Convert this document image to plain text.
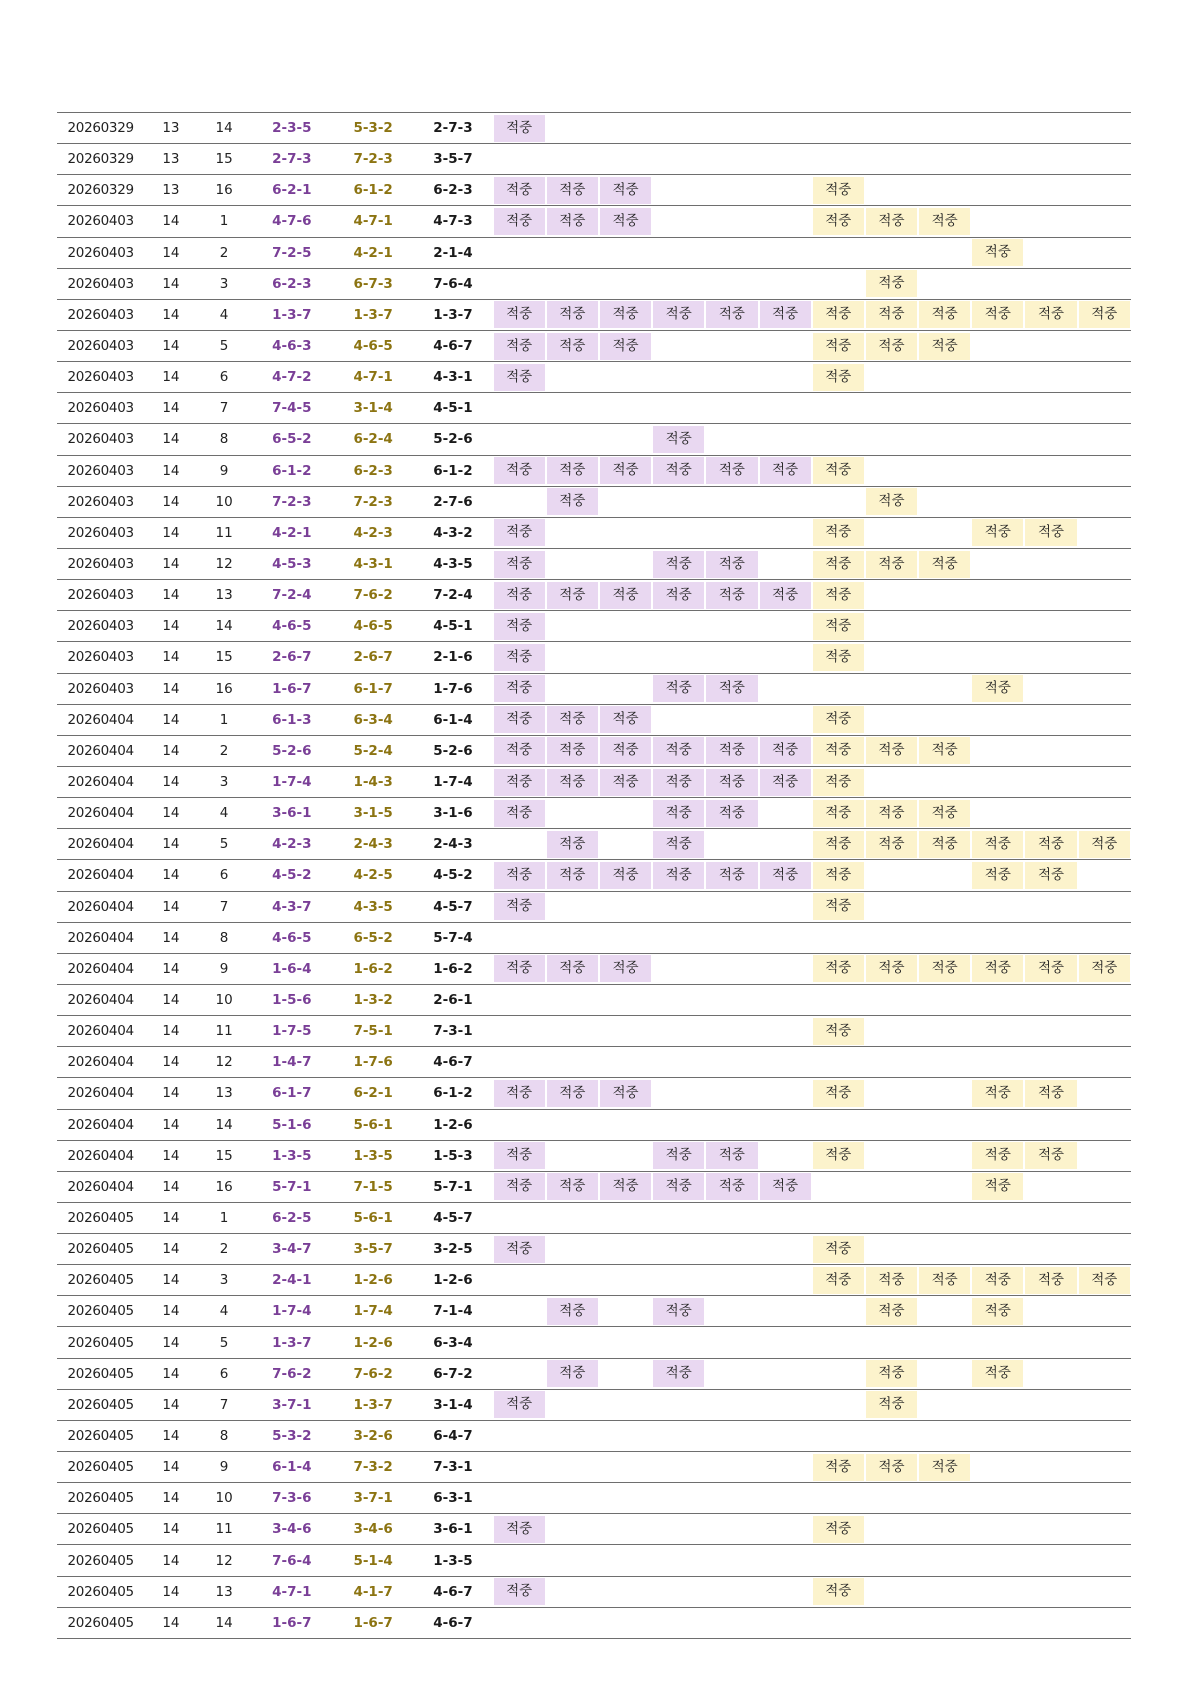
20260329	13	14	2-3-5	5-3-2	2-7-3	적중											

20260329	13	15	2-7-3	7-2-3	3-5-7												
20260329	13	16	6-2-1	6-1-2	6-2-3	적중	적중	적중				적중					

20260403	14	1	4-7-6	4-7-1	4-7-3	적중	적중	적중				적중	적중	적중			

20260403	14	2	7-2-5	4-2-1	2-1-4										적중		

20260403	14	3	6-2-3	6-7-3	7-6-4								적중				

20260403	14	4	1-3-7	1-3-7	1-3-7	적중	적중	적중	적중	적중	적중	적중	적중	적중	적중	적중	적중

20260403	14	5	4-6-3	4-6-5	4-6-7	적중	적중	적중				적중	적중	적중			

20260403	14	6	4-7-2	4-7-1	4-3-1	적중						적중					

20260403	14	7	7-4-5	3-1-4	4-5-1												
20260403	14	8	6-5-2	6-2-4	5-2-6				적중								

20260403	14	9	6-1-2	6-2-3	6-1-2	적중	적중	적중	적중	적중	적중	적중					

20260403	14	10	7-2-3	7-2-3	2-7-6		적중						적중				

20260403	14	11	4-2-1	4-2-3	4-3-2	적중						적중			적중	적중	

20260403	14	12	4-5-3	4-3-1	4-3-5	적중			적중	적중		적중	적중	적중			

20260403	14	13	7-2-4	7-6-2	7-2-4	적중	적중	적중	적중	적중	적중	적중					

20260403	14	14	4-6-5	4-6-5	4-5-1	적중						적중					

20260403	14	15	2-6-7	2-6-7	2-1-6	적중						적중					

20260403	14	16	1-6-7	6-1-7	1-7-6	적중			적중	적중					적중		

20260404	14	1	6-1-3	6-3-4	6-1-4	적중	적중	적중				적중					

20260404	14	2	5-2-6	5-2-4	5-2-6	적중	적중	적중	적중	적중	적중	적중	적중	적중			

20260404	14	3	1-7-4	1-4-3	1-7-4	적중	적중	적중	적중	적중	적중	적중					

20260404	14	4	3-6-1	3-1-5	3-1-6	적중			적중	적중		적중	적중	적중			

20260404	14	5	4-2-3	2-4-3	2-4-3		적중		적중			적중	적중	적중	적중	적중	적중

20260404	14	6	4-5-2	4-2-5	4-5-2	적중	적중	적중	적중	적중	적중	적중			적중	적중	

20260404	14	7	4-3-7	4-3-5	4-5-7	적중						적중					

20260404	14	8	4-6-5	6-5-2	5-7-4												
20260404	14	9	1-6-4	1-6-2	1-6-2	적중	적중	적중				적중	적중	적중	적중	적중	적중

20260404	14	10	1-5-6	1-3-2	2-6-1												
20260404	14	11	1-7-5	7-5-1	7-3-1							적중					

20260404	14	12	1-4-7	1-7-6	4-6-7												
20260404	14	13	6-1-7	6-2-1	6-1-2	적중	적중	적중				적중			적중	적중	

20260404	14	14	5-1-6	5-6-1	1-2-6												
20260404	14	15	1-3-5	1-3-5	1-5-3	적중			적중	적중		적중			적중	적중	

20260404	14	16	5-7-1	7-1-5	5-7-1	적중	적중	적중	적중	적중	적중				적중		

20260405	14	1	6-2-5	5-6-1	4-5-7												
20260405	14	2	3-4-7	3-5-7	3-2-5	적중						적중					

20260405	14	3	2-4-1	1-2-6	1-2-6							적중	적중	적중	적중	적중	적중

20260405	14	4	1-7-4	1-7-4	7-1-4		적중		적중				적중		적중		

20260405	14	5	1-3-7	1-2-6	6-3-4												
20260405	14	6	7-6-2	7-6-2	6-7-2		적중		적중				적중		적중		

20260405	14	7	3-7-1	1-3-7	3-1-4	적중							적중				

20260405	14	8	5-3-2	3-2-6	6-4-7												
20260405	14	9	6-1-4	7-3-2	7-3-1							적중	적중	적중			

20260405	14	10	7-3-6	3-7-1	6-3-1												
20260405	14	11	3-4-6	3-4-6	3-6-1	적중						적중					

20260405	14	12	7-6-4	5-1-4	1-3-5												
20260405	14	13	4-7-1	4-1-7	4-6-7	적중						적중					

20260405	14	14	1-6-7	1-6-7	4-6-7												
